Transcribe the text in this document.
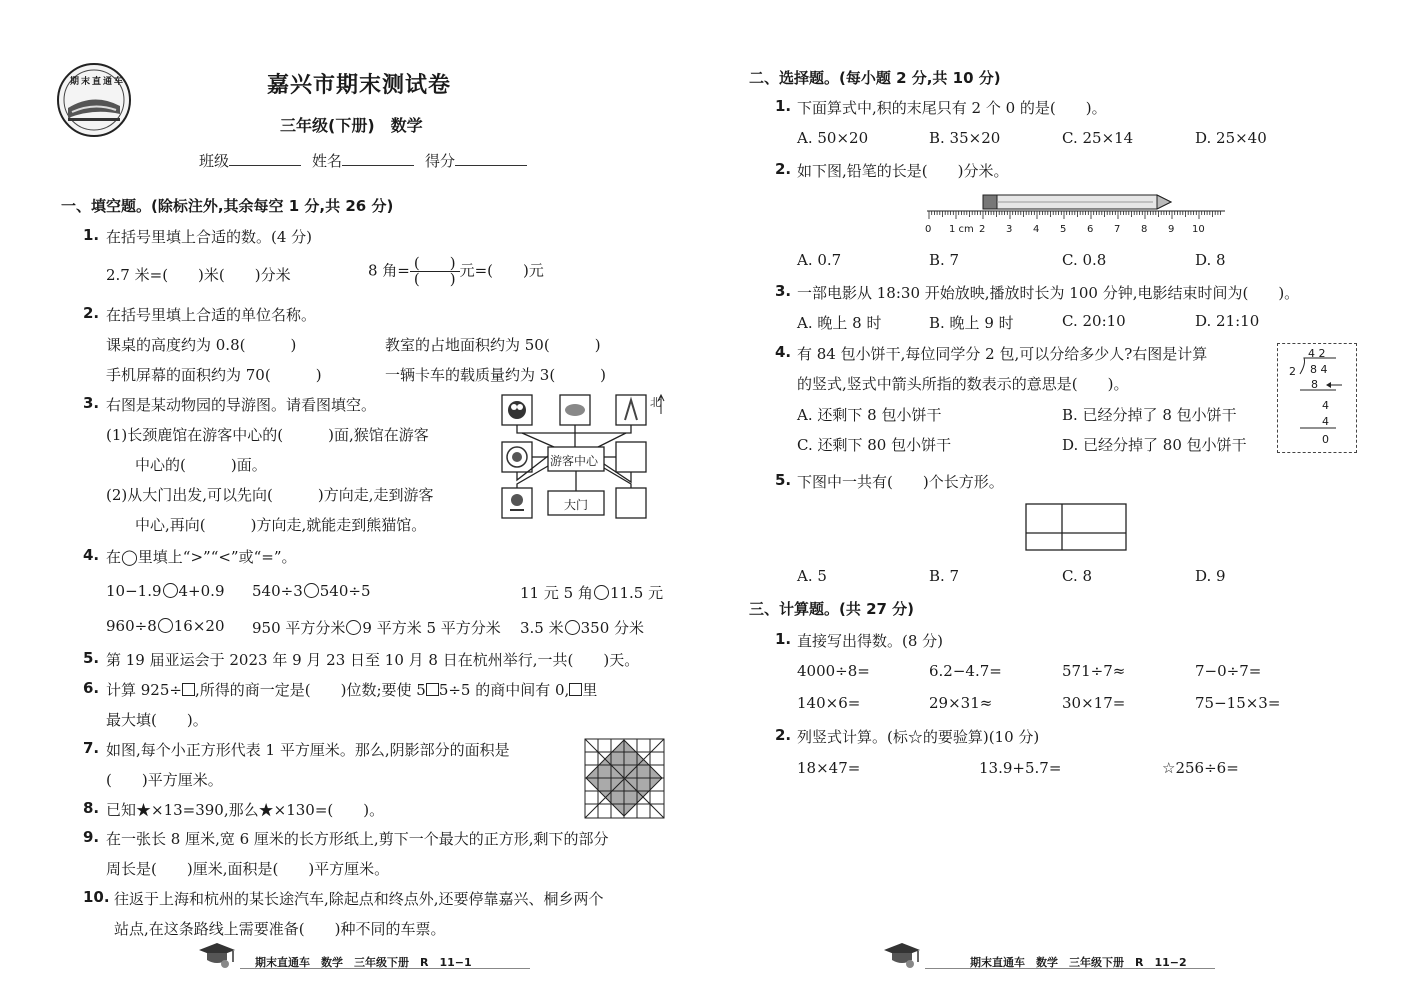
期末直通车	嘉兴市期末测试卷
三年级(下册)　数学
班级	姓名	得分
一、填空题。(除标注外,其余每空 1 分,共 26 分)
1. 在括号里填上合适的数。(4 分)
2.7 米=(　　)米(　　)分米	8 角= $\frac{( )}{( )}$ 元=(　　)元
2. 在括号里填上合适的单位名称。
课桌的高度约为 0.8(　　　)	教室的占地面积约为 50(　　　)
手机屏幕的面积约为 70(　　　)	一辆卡车的载质量约为 3(　　　)
3. 右图是某动物园的导游图。请看图填空。
(1)长颈鹿馆在游客中心的(　　　)面,猴馆在游客
中心的(　　　)面。
(2)从大门出发,可以先向(　　　)方向走,走到游客
中心,再向(　　　)方向走,就能走到熊猫馆。
游客中心
大门
北
4. 在◯里填上“>”“<”或“=”。
10−1.9 4+0.9 540÷3 540÷5	11 元 5 角 11.5 元
960÷8 16×20 950 平方分米 9 平方米 5 平方分米 3.5 米 350 分米
5. 第 19 届亚运会于 2023 年 9 月 23 日至 10 月 8 日在杭州举行,一共(　　)天。
6. 计算 925÷ ,所得的商一定是(　　)位数;要使 5 5÷5 的商中间有 0, 里
最大填(　　)。
7. 如图,每个小正方形代表 1 平方厘米。那么,阴影部分的面积是
(　　)平方厘米。
8. 已知★×13=390,那么★×130=(　　)。
9. 在一张长 8 厘米,宽 6 厘米的长方形纸上,剪下一个最大的正方形,剩下的部分
周长是(　　)厘米,面积是(　　)平方厘米。
10. 往返于上海和杭州的某长途汽车,除起点和终点外,还要停靠嘉兴、桐乡两个
站点,在这条路线上需要准备(　　)种不同的车票。
期末直通车　数学　三年级下册　R　11−1
二、选择题。(每小题 2 分,共 10 分)
1. 下面算式中,积的末尾只有 2 个 0 的是(　　)。
A. 50×20	B. 35×20	C. 25×14	D. 25×40
2. 如下图,铅笔的长是(　　)分米。
0 1 cm 2 3 4 5 6 7 8 9 10
A. 0.7	B. 7	C. 0.8	D. 8
3. 一部电影从 18:30 开始放映,播放时长为 100 分钟,电影结束时间为(　　)。
A. 晚上 8 时	B. 晚上 9 时	C. 20:10	D. 21:10
4. 有 84 包小饼干,每位同学分 2 包,可以分给多少人?右图是计算
的竖式,竖式中箭头所指的数表示的意思是(　　)。
A. 还剩下 8 包小饼干	B. 已经分掉了 8 包小饼干
C. 还剩下 80 包小饼干	D. 已经分掉了 80 包小饼干
4 2
2 8 4
8
4
4
0
5. 下图中一共有(　　)个长方形。
A. 5	B. 7	C. 8	D. 9
三、计算题。(共 27 分)
1. 直接写出得数。(8 分)
4000÷8=	6.2−4.7=	571÷7≈	7−0÷7=
140×6=	29×31≈	30×17=	75−15×3=
2. 列竖式计算。(标☆的要验算)(10 分)
18×47=	13.9+5.7=	☆256÷6=
期末直通车　数学　三年级下册　R　11−2
